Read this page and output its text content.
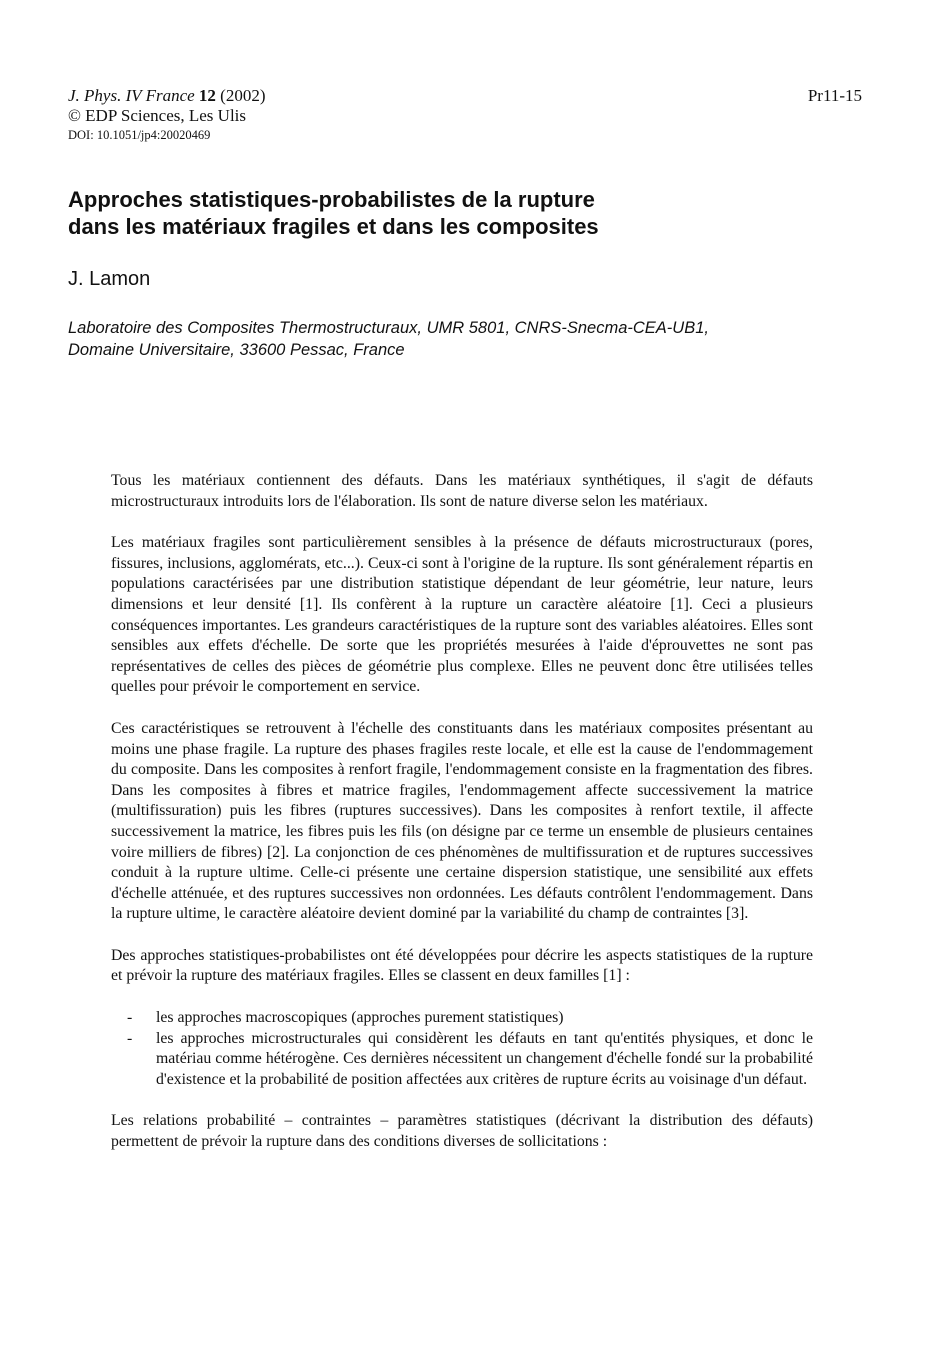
J. Phys. IV France 12 (2002)
© EDP Sciences, Les Ulis
DOI: 10.1051/jp4:20020469
Pr11-15
Approches statistiques-probabilistes de la rupture
dans les matériaux fragiles et dans les composites
J. Lamon
Laboratoire des Composites Thermostructuraux, UMR 5801, CNRS-Snecma-CEA-UB1,
Domaine Universitaire, 33600 Pessac, France

Tous les matériaux contiennent des défauts. Dans les matériaux synthétiques, il s'agit de défauts microstructuraux introduits lors de l'élaboration. Ils sont de nature diverse selon les matériaux.

Les matériaux fragiles sont particulièrement sensibles à la présence de défauts microstructuraux (pores, fissures, inclusions, agglomérats, etc...). Ceux-ci sont à l'origine de la rupture. Ils sont généralement répartis en populations caractérisées par une distribution statistique dépendant de leur géométrie, leur nature, leurs dimensions et leur densité [1]. Ils confèrent à la rupture un caractère aléatoire [1]. Ceci a plusieurs conséquences importantes. Les grandeurs caractéristiques de la rupture sont des variables aléatoires. Elles sont sensibles aux effets d'échelle. De sorte que les propriétés mesurées à l'aide d'éprouvettes ne sont pas représentatives de celles des pièces de géométrie plus complexe. Elles ne peuvent donc être utilisées telles quelles pour prévoir le comportement en service.

Ces caractéristiques se retrouvent à l'échelle des constituants dans les matériaux composites présentant au moins une phase fragile. La rupture des phases fragiles reste locale, et elle est la cause de l'endommagement du composite. Dans les composites à renfort fragile, l'endommagement consiste en la fragmentation des fibres. Dans les composites à fibres et matrice fragiles, l'endommagement affecte successivement la matrice (multifissuration) puis les fibres (ruptures successives). Dans les composites à renfort textile, il affecte successivement la matrice, les fibres puis les fils (on désigne par ce terme un ensemble de plusieurs centaines voire milliers de fibres) [2]. La conjonction de ces phénomènes de multifissuration et de ruptures successives conduit à la rupture ultime. Celle-ci présente une certaine dispersion statistique, une sensibilité aux effets d'échelle atténuée, et des ruptures successives non ordonnées. Les défauts contrôlent l'endommagement. Dans la rupture ultime, le caractère aléatoire devient dominé par la variabilité du champ de contraintes [3].

Des approches statistiques-probabilistes ont été développées pour décrire les aspects statistiques de la rupture et prévoir la rupture des matériaux fragiles. Elles se classent en deux familles [1] :

- les approches macroscopiques (approches purement statistiques)
- les approches microstructurales qui considèrent les défauts en tant qu'entités physiques, et donc le matériau comme hétérogène. Ces dernières nécessitent un changement d'échelle fondé sur la probabilité d'existence et la probabilité de position affectées aux critères de rupture écrits au voisinage d'un défaut.

Les relations probabilité – contraintes – paramètres statistiques (décrivant la distribution des défauts) permettent de prévoir la rupture dans des conditions diverses de sollicitations :
